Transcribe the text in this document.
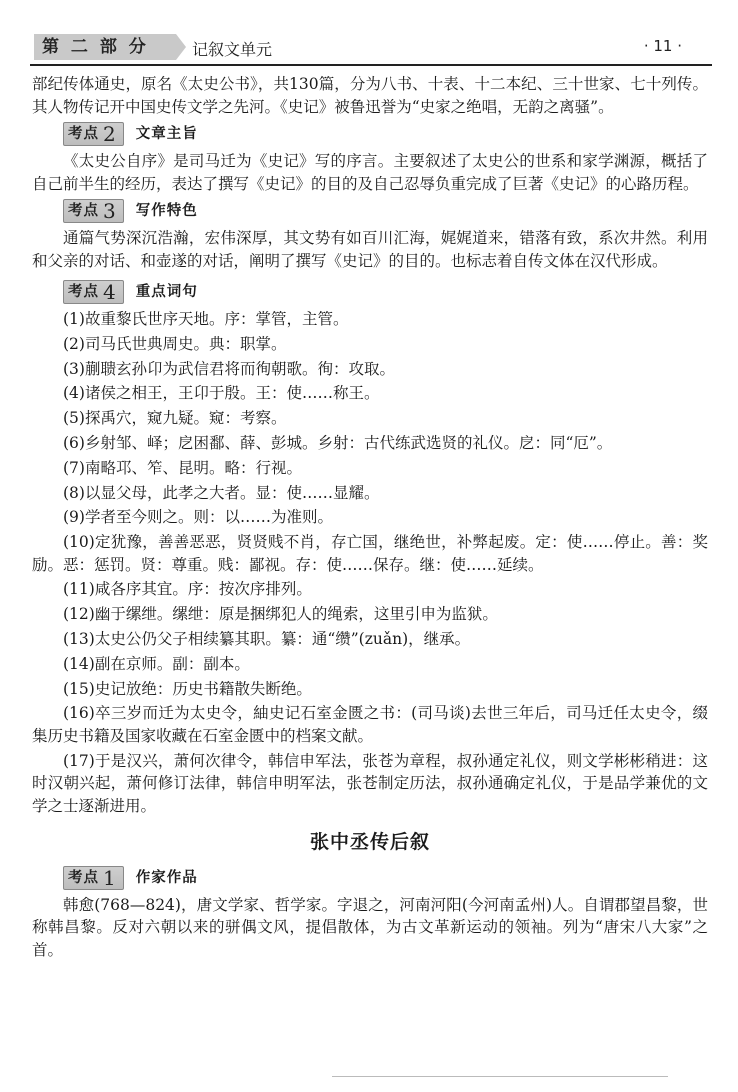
第 二 部 分	记叙文单元	· 11 ·

部纪传体通史，原名《太史公书》，共130篇，分为八书、十表、十二本纪、三十世家、七十列传。其人物传记开中国史传文学之先河。《史记》被鲁迅誉为“史家之绝唱，无韵之离骚”。

考点 2 文章主旨

《太史公自序》是司马迁为《史记》写的序言。主要叙述了太史公的世系和家学渊源，概括了自己前半生的经历，表达了撰写《史记》的目的及自己忍辱负重完成了巨著《史记》的心路历程。

考点 3 写作特色

通篇气势深沉浩瀚，宏伟深厚，其文势有如百川汇海，娓娓道来，错落有致，系次井然。利用和父亲的对话、和壶遂的对话，阐明了撰写《史记》的目的。也标志着自传文体在汉代形成。

考点 4 重点词句

(1)故重黎氏世序天地。序：掌管，主管。

(2)司马氏世典周史。典：职掌。

(3)蒯聩玄孙卬为武信君将而徇朝歌。徇：攻取。

(4)诸侯之相王，王卬于殷。王：使……称王。

(5)探禹穴，窥九疑。窥：考察。

(6)乡射邹、峄；戹困鄱、薛、彭城。乡射：古代练武选贤的礼仪。戹：同“厄”。

(7)南略邛、笮、昆明。略：行视。

(8)以显父母，此孝之大者。显：使……显耀。

(9)学者至今则之。则：以……为准则。

(10)定犹豫，善善恶恶，贤贤贱不肖，存亡国，继绝世，补弊起废。定：使……停止。善：奖励。恶：惩罚。贤：尊重。贱：鄙视。存：使……保存。继：使……延续。

(11)咸各序其宜。序：按次序排列。

(12)幽于缧绁。缧绁：原是捆绑犯人的绳索，这里引申为监狱。

(13)太史公仍父子相续纂其职。纂：通“缵”(zuǎn)，继承。

(14)副在京师。副：副本。

(15)史记放绝：历史书籍散失断绝。

(16)卒三岁而迁为太史令，紬史记石室金匮之书：(司马谈)去世三年后，司马迁任太史令，缀集历史书籍及国家收藏在石室金匮中的档案文献。

(17)于是汉兴，萧何次律令，韩信申军法，张苍为章程，叔孙通定礼仪，则文学彬彬稍进：这时汉朝兴起，萧何修订法律，韩信申明军法，张苍制定历法，叔孙通确定礼仪，于是品学兼优的文学之士逐渐进用。

张中丞传后叙
考点 1 作家作品

韩愈(768—824)，唐文学家、哲学家。字退之，河南河阳(今河南孟州)人。自谓郡望昌黎，世称韩昌黎。反对六朝以来的骈偶文风，提倡散体，为古文革新运动的领袖。列为“唐宋八大家”之首。
